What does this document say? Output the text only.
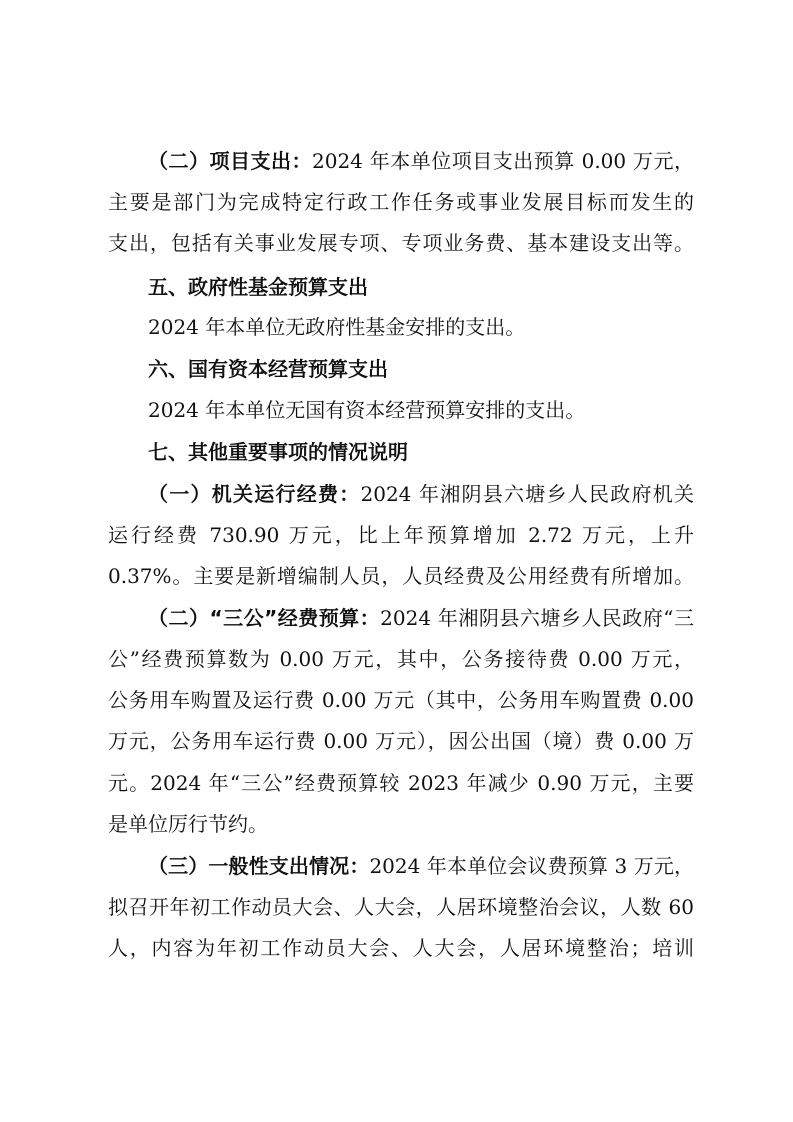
（二）项目支出：2024 年本单位项目支出预算 0.00 万元，
主要是部门为完成特定行政工作任务或事业发展目标而发生的
支出，包括有关事业发展专项、专项业务费、基本建设支出等。
五、政府性基金预算支出
2024 年本单位无政府性基金安排的支出。
六、国有资本经营预算支出
2024 年本单位无国有资本经营预算安排的支出。
七、其他重要事项的情况说明
（一）机关运行经费：2024 年湘阴县六塘乡人民政府机关
运行经费 730.90 万元，比上年预算增加 2.72 万元，上升
0.37%。主要是新增编制人员，人员经费及公用经费有所增加。
（二）“三公”经费预算：2024 年湘阴县六塘乡人民政府“三
公”经费预算数为 0.00 万元，其中，公务接待费 0.00 万元，
公务用车购置及运行费 0.00 万元（其中，公务用车购置费 0.00
万元，公务用车运行费 0.00 万元），因公出国（境）费 0.00 万
元。2024 年“三公”经费预算较 2023 年减少 0.90 万元，主要
是单位厉行节约。
（三）一般性支出情况：2024 年本单位会议费预算 3 万元，
拟召开年初工作动员大会、人大会，人居环境整治会议，人数 60
人，内容为年初工作动员大会、人大会，人居环境整治；培训
